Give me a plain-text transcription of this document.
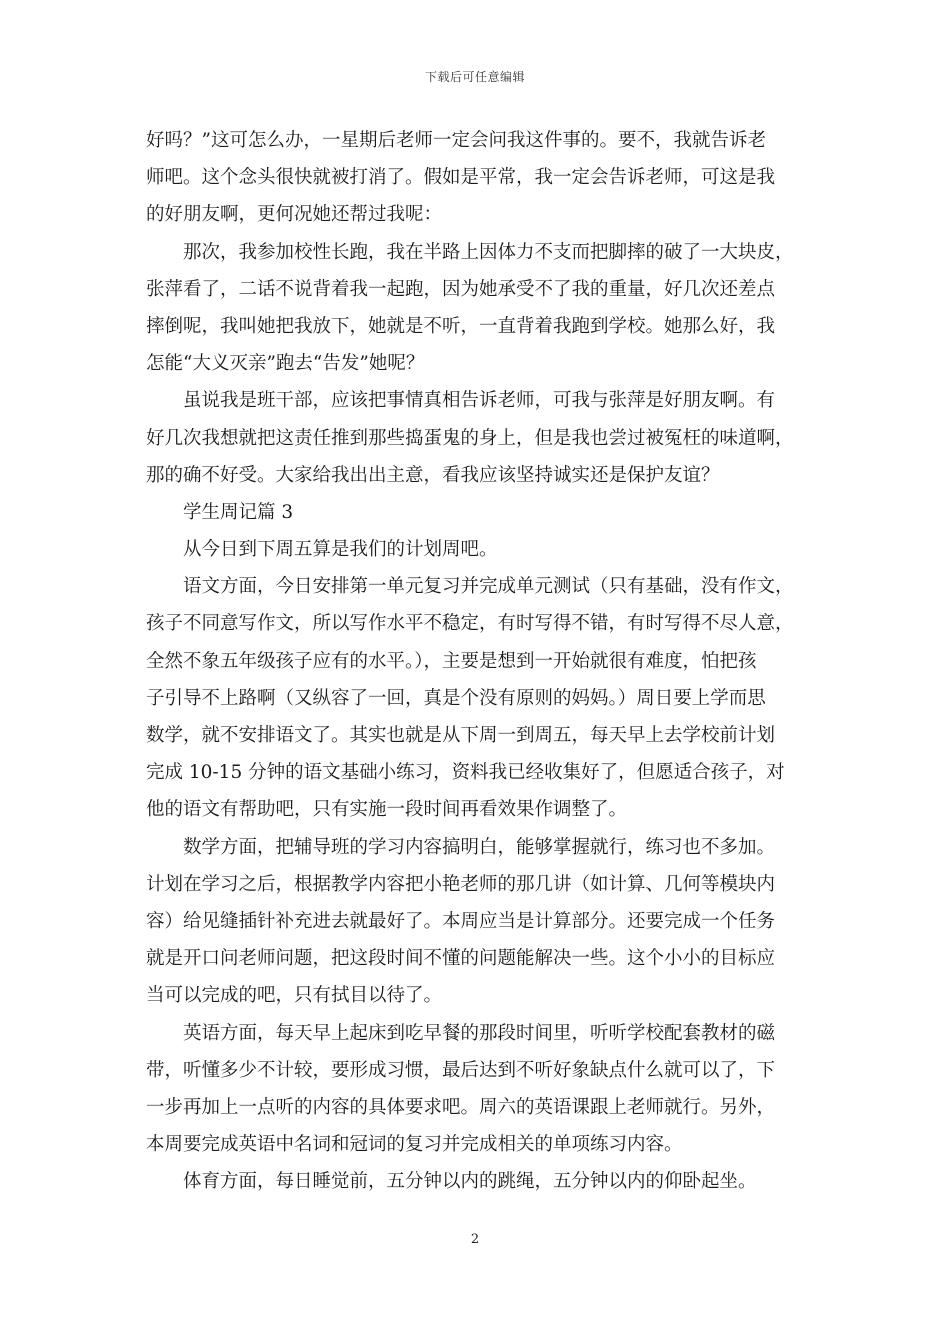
下载后可任意编辑
好吗？”这可怎么办，一星期后老师一定会问我这件事的。要不，我就告诉老
师吧。这个念头很快就被打消了。假如是平常，我一定会告诉老师，可这是我
的好朋友啊，更何况她还帮过我呢：
那次，我参加校性长跑，我在半路上因体力不支而把脚摔的破了一大块皮，
张萍看了，二话不说背着我一起跑，因为她承受不了我的重量，好几次还差点
摔倒呢，我叫她把我放下，她就是不听，一直背着我跑到学校。她那么好，我
怎能“大义灭亲”跑去“告发”她呢？
虽说我是班干部，应该把事情真相告诉老师，可我与张萍是好朋友啊。有
好几次我想就把这责任推到那些捣蛋鬼的身上，但是我也尝过被冤枉的味道啊，
那的确不好受。大家给我出出主意，看我应该坚持诚实还是保护友谊？
学生周记篇 3
从今日到下周五算是我们的计划周吧。
语文方面，今日安排第一单元复习并完成单元测试（只有基础，没有作文，
孩子不同意写作文，所以写作水平不稳定，有时写得不错，有时写得不尽人意，
全然不象五年级孩子应有的水平。），主要是想到一开始就很有难度，怕把孩
子引导不上路啊（又纵容了一回，真是个没有原则的妈妈。）周日要上学而思
数学，就不安排语文了。其实也就是从下周一到周五，每天早上去学校前计划
完成 10-15 分钟的语文基础小练习，资料我已经收集好了，但愿适合孩子，对
他的语文有帮助吧，只有实施一段时间再看效果作调整了。
数学方面，把辅导班的学习内容搞明白，能够掌握就行，练习也不多加。
计划在学习之后，根据教学内容把小艳老师的那几讲（如计算、几何等模块内
容）给见缝插针补充进去就最好了。本周应当是计算部分。还要完成一个任务
就是开口问老师问题，把这段时间不懂的问题能解决一些。这个小小的目标应
当可以完成的吧，只有拭目以待了。
英语方面，每天早上起床到吃早餐的那段时间里，听听学校配套教材的磁
带，听懂多少不计较，要形成习惯，最后达到不听好象缺点什么就可以了，下
一步再加上一点听的内容的具体要求吧。周六的英语课跟上老师就行。另外，
本周要完成英语中名词和冠词的复习并完成相关的单项练习内容。
体育方面，每日睡觉前，五分钟以内的跳绳，五分钟以内的仰卧起坐。
2
